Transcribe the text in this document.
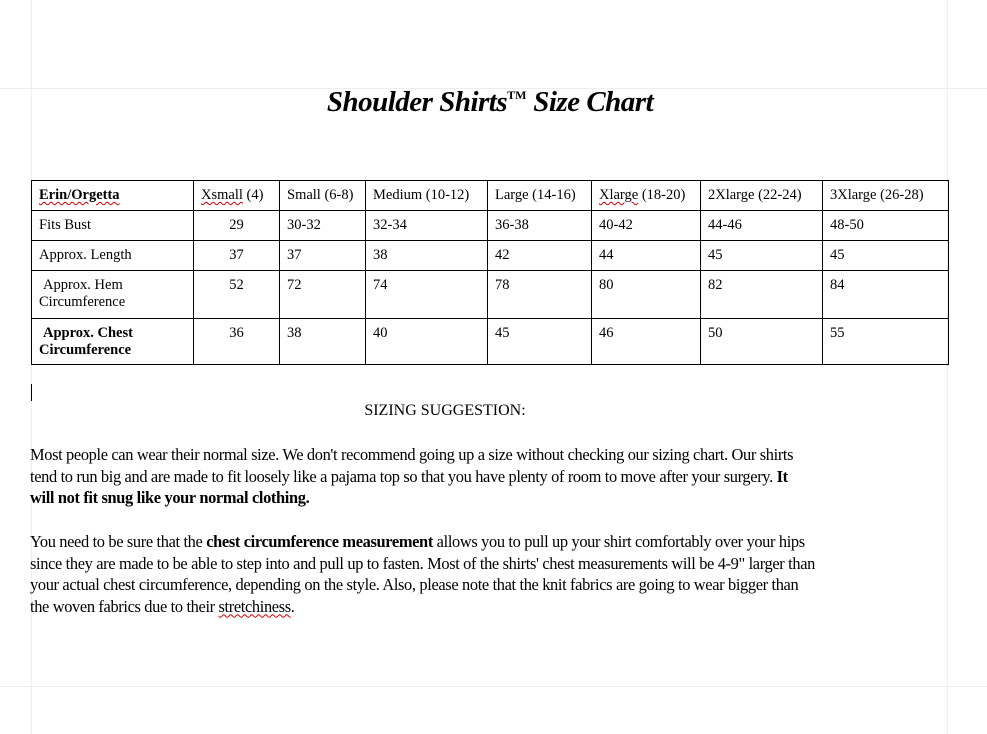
Shoulder Shirts™ Size Chart
Erin/Orgetta	Xsmall (4)	Small (6-8)	Medium (10-12)	Large (14-16)	Xlarge (18-20)	2Xlarge (22-24)	3Xlarge (26-28)
Fits Bust	29	30-32	32-34	36-38	40-42	44-46	48-50
Approx. Length	37	37	38	42	44	45	45
Approx. Hem
Circumference	52	72	74	78	80	82	84
Approx. Chest
Circumference	36	38	40	45	46	50	55
SIZING SUGGESTION:
Most people can wear their normal size. We don't recommend going up a size without checking our sizing chart. Our shirts
tend to run big and are made to fit loosely like a pajama top so that you have plenty of room to move after your surgery. It
will not fit snug like your normal clothing.
You need to be sure that the chest circumference measurement allows you to pull up your shirt comfortably over your hips
since they are made to be able to step into and pull up to fasten. Most of the shirts' chest measurements will be 4-9" larger than
your actual chest circumference, depending on the style. Also, please note that the knit fabrics are going to wear bigger than
the woven fabrics due to their stretchiness.
